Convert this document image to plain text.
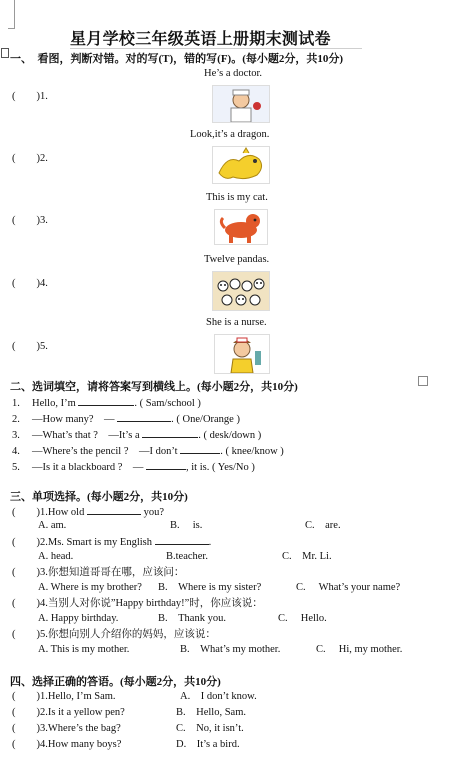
星月学校三年级英语上册期末测试卷
一、　看图，判断对错。对的写(T)，错的写(F)。(每小题2分，共10分)
He’s a doctor.
(　　)1.
Look,it’s a dragon.
(　　)2.
This is my cat.
(　　)3.
Twelve pandas.
(　　)4.
She is a nurse.
(　　)5.
二、选词填空，请将答案写到横线上。(每小题2分，共10分)
1. Hello, I’m	. ( Sam/school )
2. —How many?　—	. ( One/Orange )
3. —What’s that ?　—It’s a	. ( desk/down )
4. —Where’s the pencil ?　—I don’t	. ( knee/know )
5. —Is it a blackboard ?　—	, it is. ( Yes/No )
三、单项选择。(每小题2分，共10分)
(　　)1.How old	you?
A. am.	B.　 is.	C.　are.
(　　)2.Ms. Smart is my English	.
A. head.	B.teacher.	C.　Mr. Li.
(　　)3.你想知道哥哥在哪，应该问：
A. Where is my brother? B.　Where is my sister?	C.　 What’s your name?
(　　)4.当别人对你说”Happy birthday!”时，你应该说：
A. Happy birthday.	B.　Thank you.	C.　 Hello.
(　　)5.你想向别人介绍你的妈妈，应该说：
A. This is my mother.	B.　What’s my mother.	C.　 Hi, my mother.
四、选择正确的答语。(每小题2分，共10分)
(　　)1.Hello, I’m Sam.	A.　I don’t know.
(　　)2.Is it a yellow pen?	B.　Hello, Sam.
(　　)3.Where’s the bag?	C.　No, it isn’t.
(　　)4.How many boys?	D.　It’s a bird.
